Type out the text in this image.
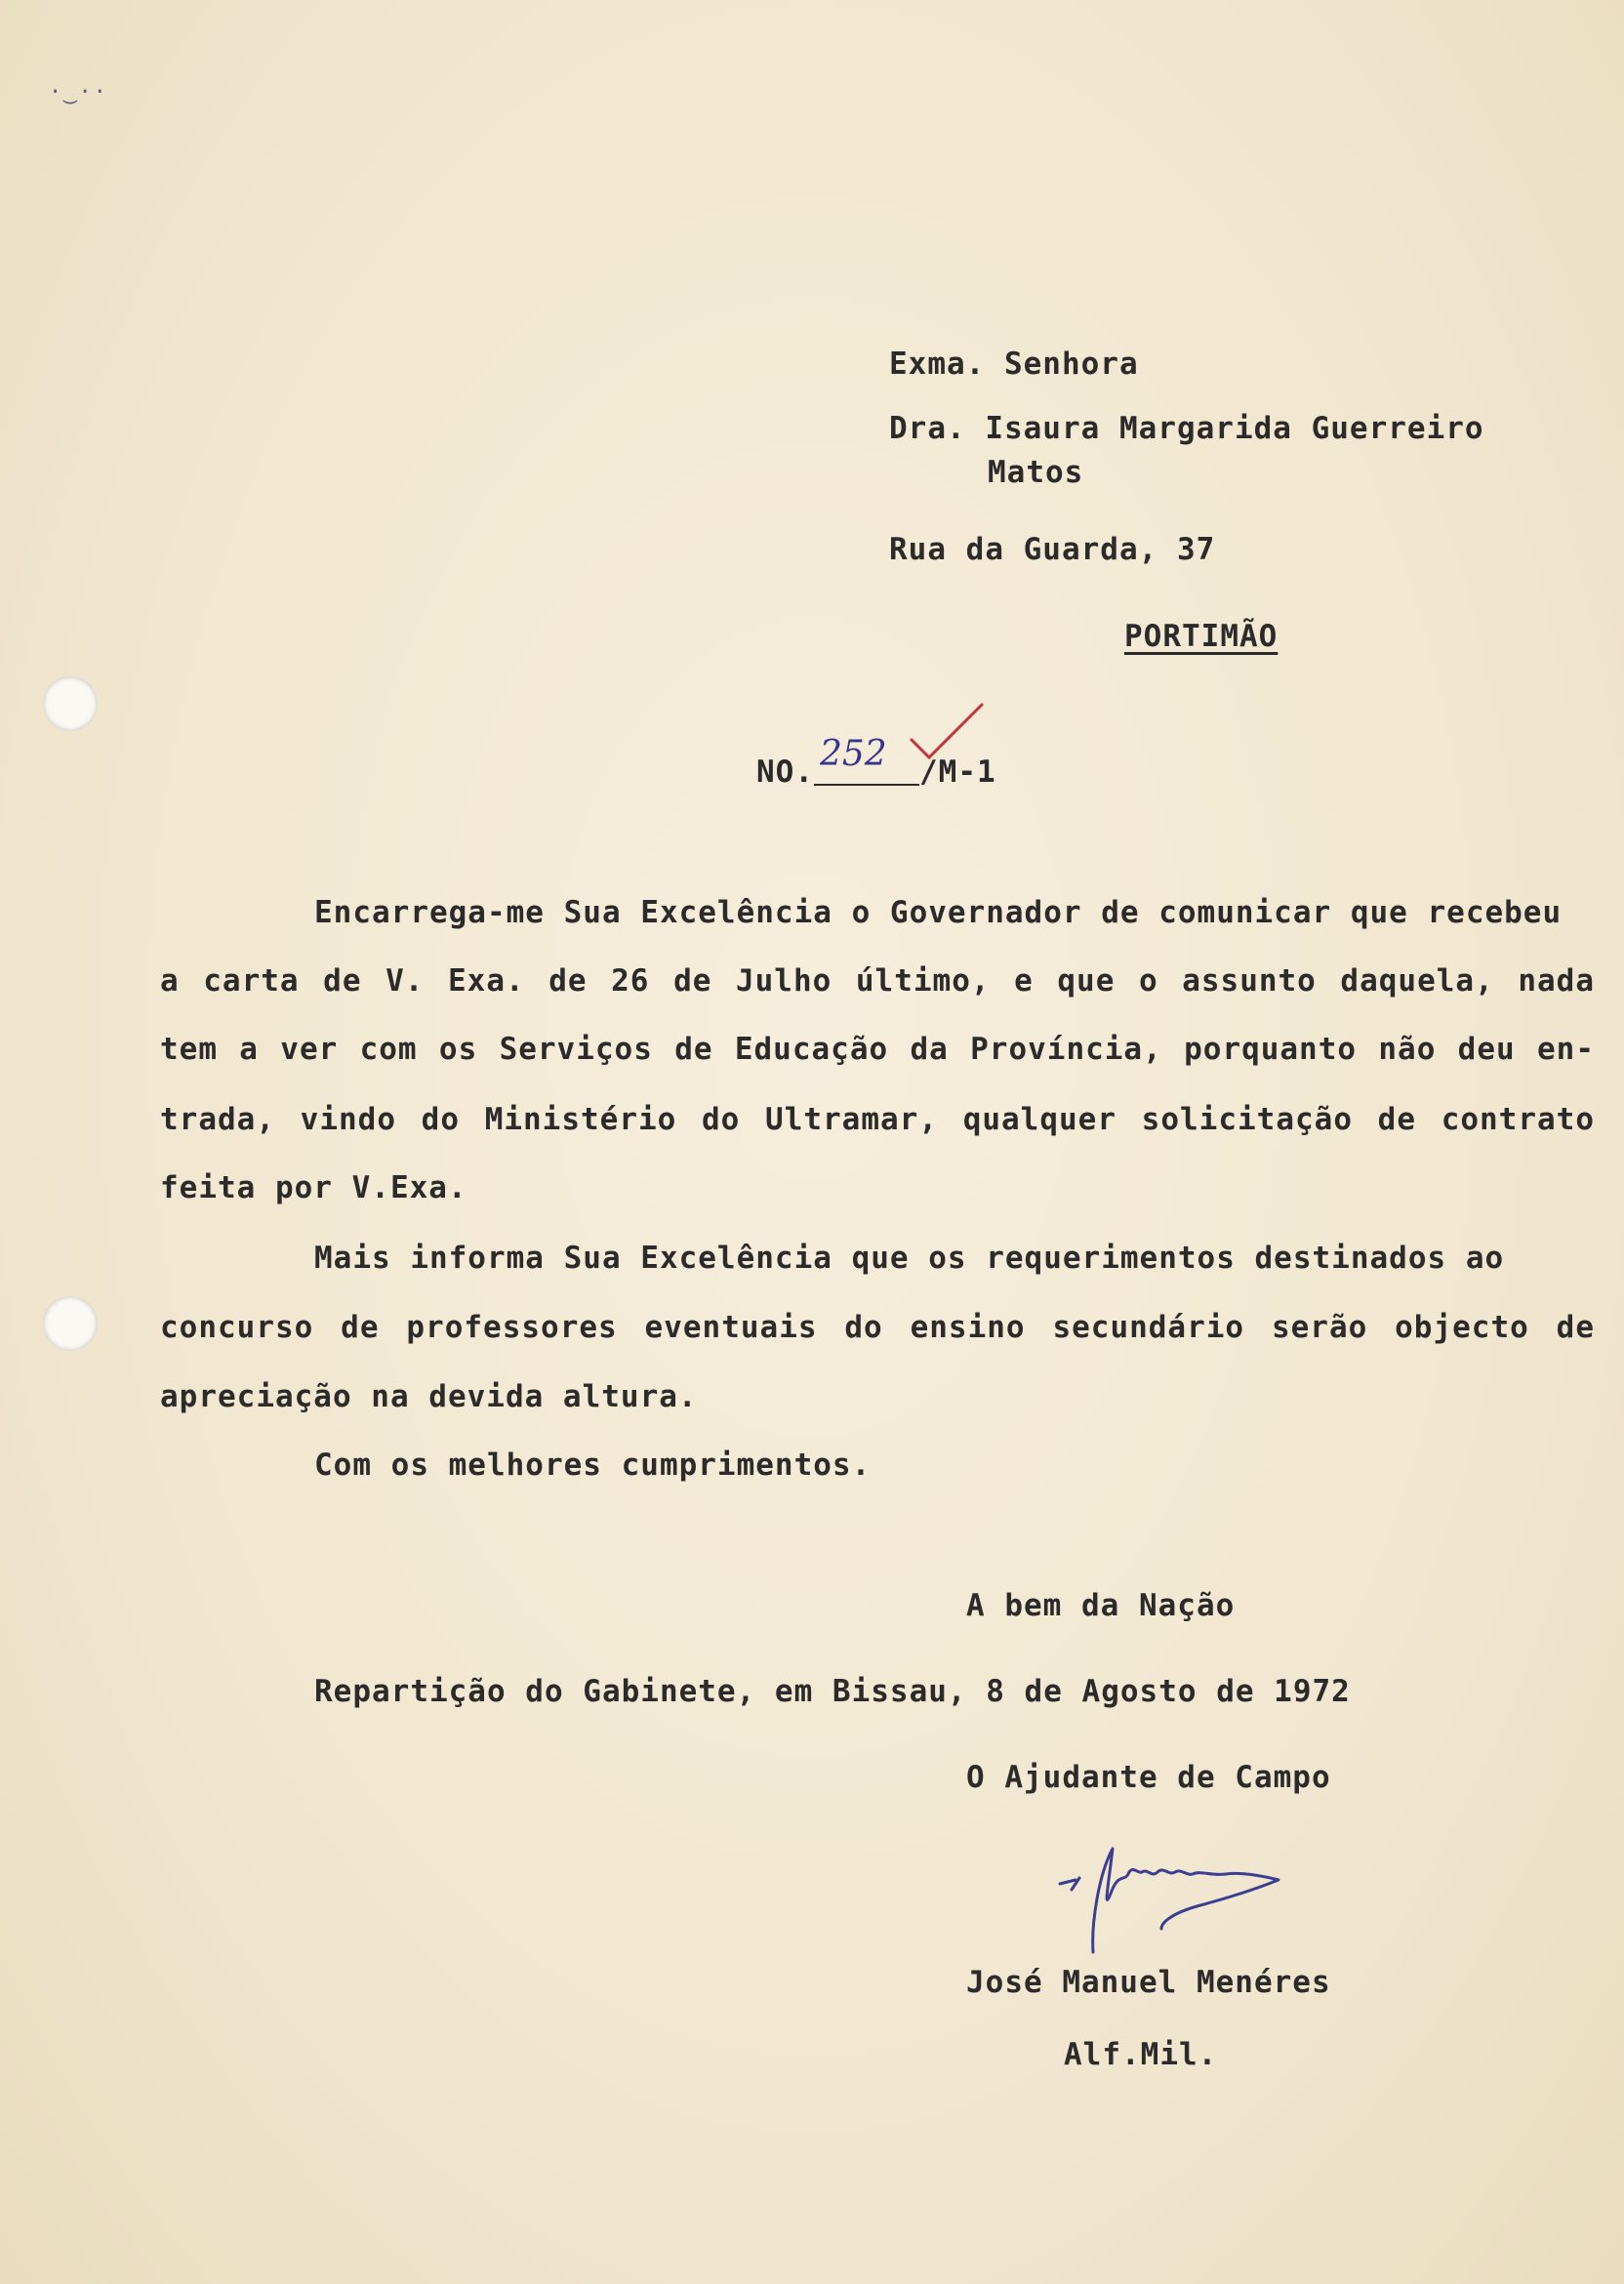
·‿··
Exma. Senhora
Dra. Isaura Margarida Guerreiro
Matos
Rua da Guarda, 37
PORTIMÃO
NO.	/M-1
252
Encarrega-me Sua Excelência o Governador de comunicar que recebeu
a carta de V. Exa. de 26 de Julho último, e que o assunto daquela, nada
tem a ver com os Serviços de Educação da Província, porquanto não deu en-
trada, vindo do Ministério do Ultramar, qualquer solicitação de contrato
feita por V.Exa.
Mais informa Sua Excelência que os requerimentos destinados ao
concurso de professores eventuais do ensino secundário serão objecto de
apreciação na devida altura.
Com os melhores cumprimentos.
A bem da Nação
Repartição do Gabinete, em Bissau, 8 de Agosto de 1972
O Ajudante de Campo
José Manuel Menéres
Alf.Mil.
